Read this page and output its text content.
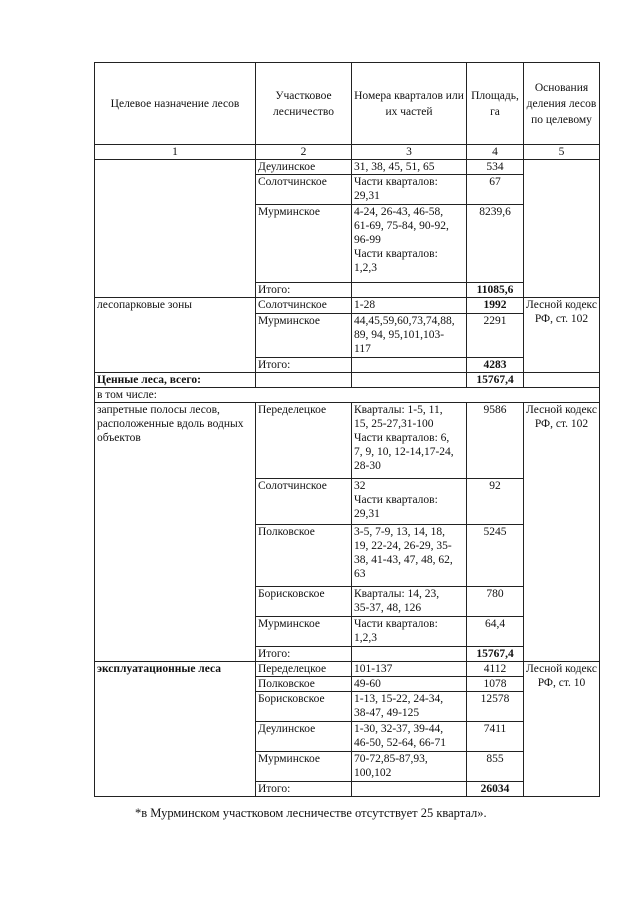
Целевое назначение лесов	Участковое лесничество	Номера кварталов или их частей	Площадь, га	Основания деления лесов по целевому
1	2	3	4	5
	Деулинское	31, 38, 45, 51, 65	534	
	Солотчинское	Части кварталов:
29,31	67	
	Мурминское	4-24, 26-43, 46-58,
61-69, 75-84, 90-92,
96-99
Части кварталов:
1,2,3	8239,6	
	Итого:		11085,6	
лесопарковые зоны	Солотчинское	1-28	1992	Лесной кодекс РФ, ст. 102
	Мурминское	44,45,59,60,73,74,88,
89, 94, 95,101,103-
117	2291	
	Итого:		4283	
Ценные леса, всего:			15767,4	
в том числе:				
запретные полосы лесов, расположенные вдоль водных объектов	Переделецкое	Кварталы: 1-5, 11,
15, 25-27,31-100
Части кварталов: 6,
7, 9, 10, 12-14,17-24,
28-30	9586	Лесной кодекс РФ, ст. 102
	Солотчинское	32
Части кварталов:
29,31	92	
	Полковское	3-5, 7-9, 13, 14, 18,
19, 22-24, 26-29, 35-
38, 41-43, 47, 48, 62,
63	5245	
	Борисковское	Кварталы: 14, 23,
35-37, 48, 126	780	
	Мурминское	Части кварталов:
1,2,3	64,4	
	Итого:		15767,4	
эксплуатационные леса	Переделецкое	101-137	4112	Лесной кодекс РФ, ст. 10
	Полковское	49-60	1078	
	Борисковское	1-13, 15-22, 24-34,
38-47, 49-125	12578	
	Деулинское	1-30, 32-37, 39-44,
46-50, 52-64, 66-71	7411	
	Мурминское	70-72,85-87,93,
100,102	855	
	Итого:		26034	
*в Мурминском участковом лесничестве отсутствует 25 квартал».
